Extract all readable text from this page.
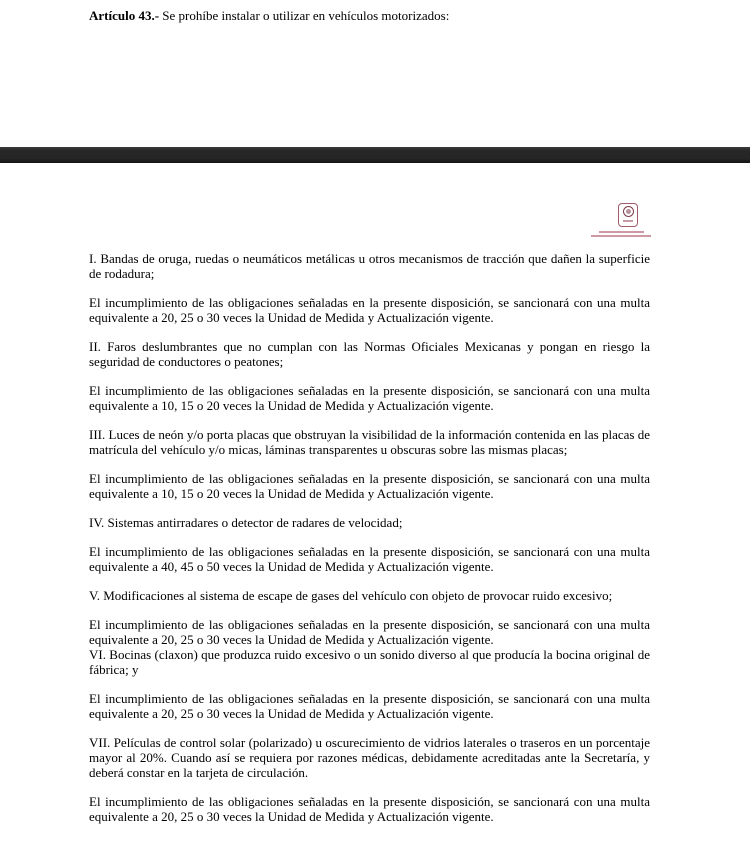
Artículo 43.- Se prohíbe instalar o utilizar en vehículos motorizados:

I. Bandas de oruga, ruedas o neumáticos metálicas u otros mecanismos de tracción que dañen la superficie de rodadura;

El incumplimiento de las obligaciones señaladas en la presente disposición, se sancionará con una multa equivalente a 20, 25 o 30 veces la Unidad de Medida y Actualización vigente.

II. Faros deslumbrantes que no cumplan con las Normas Oficiales Mexicanas y pongan en riesgo la seguridad de conductores o peatones;

El incumplimiento de las obligaciones señaladas en la presente disposición, se sancionará con una multa equivalente a 10, 15 o 20 veces la Unidad de Medida y Actualización vigente.

III. Luces de neón y/o porta placas que obstruyan la visibilidad de la información contenida en las placas de matrícula del vehículo y/o micas, láminas transparentes u obscuras sobre las mismas placas;

El incumplimiento de las obligaciones señaladas en la presente disposición, se sancionará con una multa equivalente a 10, 15 o 20 veces la Unidad de Medida y Actualización vigente.

IV. Sistemas antirradares o detector de radares de velocidad;

El incumplimiento de las obligaciones señaladas en la presente disposición, se sancionará con una multa equivalente a 40, 45 o 50 veces la Unidad de Medida y Actualización vigente.

V. Modificaciones al sistema de escape de gases del vehículo con objeto de provocar ruido excesivo;

El incumplimiento de las obligaciones señaladas en la presente disposición, se sancionará con una multa equivalente a 20, 25 o 30 veces la Unidad de Medida y Actualización vigente.

VI. Bocinas (claxon) que produzca ruido excesivo o un sonido diverso al que producía la bocina original de fábrica; y

El incumplimiento de las obligaciones señaladas en la presente disposición, se sancionará con una multa equivalente a 20, 25 o 30 veces la Unidad de Medida y Actualización vigente.

VII. Películas de control solar (polarizado) u oscurecimiento de vidrios laterales o traseros en un porcentaje mayor al 20%. Cuando así se requiera por razones médicas, debidamente acreditadas ante la Secretaría, y deberá constar en la tarjeta de circulación.

El incumplimiento de las obligaciones señaladas en la presente disposición, se sancionará con una multa equivalente a 20, 25 o 30 veces la Unidad de Medida y Actualización vigente.
